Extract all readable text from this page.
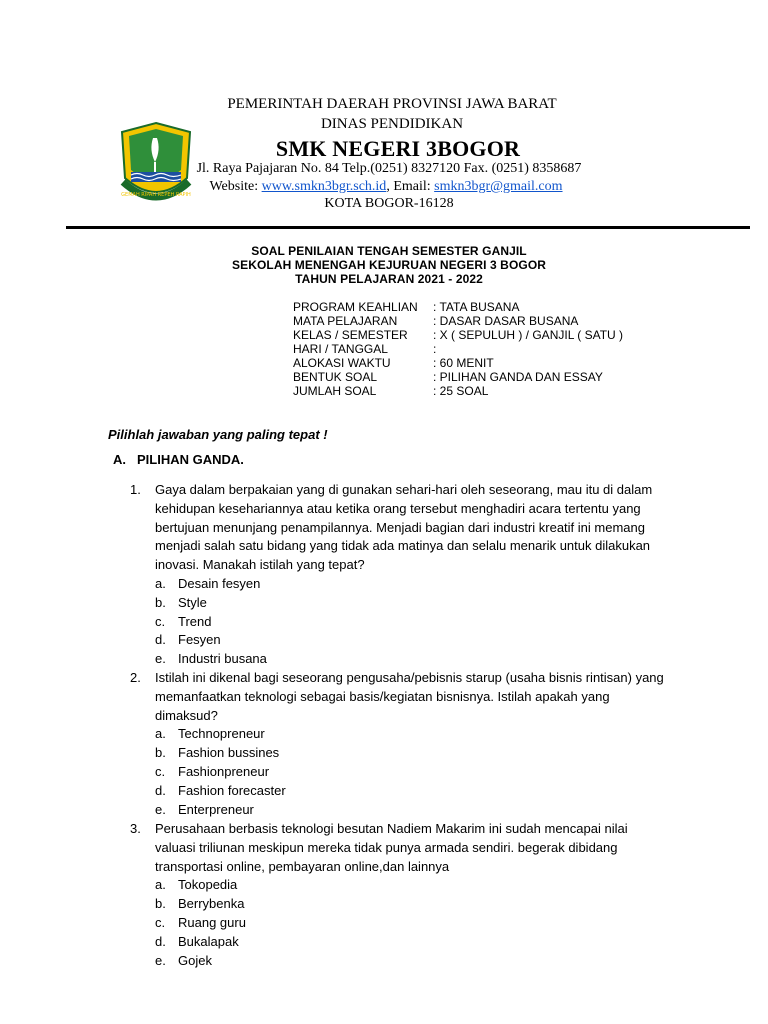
GEMAH RIPAH REPEH RAPIH
PEMERINTAH DAERAH PROVINSI JAWA BARAT
DINAS PENDIDIKAN
SMK NEGERI 3BOGOR
Jl. Raya Pajajaran No. 84 Telp.(0251) 8327120 Fax. (0251) 8358687
Website: www.smkn3bgr.sch.id, Email: smkn3bgr@gmail.com
KOTA BOGOR-16128
SOAL PENILAIAN TENGAH SEMESTER GANJIL
SEKOLAH MENENGAH KEJURUAN NEGERI 3 BOGOR
TAHUN PELAJARAN 2021 - 2022
PROGRAM KEAHLIAN : TATA BUSANA
MATA PELAJARAN	: DASAR DASAR BUSANA
KELAS / SEMESTER : X ( SEPULUH ) / GANJIL ( SATU )
HARI / TANGGAL	:
ALOKASI WAKTU	: 60 MENIT
BENTUK SOAL	: PILIHAN GANDA DAN ESSAY
JUMLAH SOAL	: 25 SOAL
Pilihlah jawaban yang paling tepat !
A. PILIHAN GANDA.
1. Gaya dalam berpakaian yang di gunakan sehari-hari oleh seseorang, mau itu di dalam
kehidupan kesehariannya atau ketika orang tersebut menghadiri acara tertentu yang
bertujuan menunjang penampilannya. Menjadi bagian dari industri kreatif ini memang
menjadi salah satu bidang yang tidak ada matinya dan selalu menarik untuk dilakukan
inovasi. Manakah istilah yang tepat?
a. Desain fesyen
b. Style
c. Trend
d. Fesyen
e. Industri busana
2. Istilah ini dikenal bagi seseorang pengusaha/pebisnis starup (usaha bisnis rintisan) yang
memanfaatkan teknologi sebagai basis/kegiatan bisnisnya. Istilah apakah yang
dimaksud?
a. Technopreneur
b. Fashion bussines
c. Fashionpreneur
d. Fashion forecaster
e. Enterpreneur
3. Perusahaan berbasis teknologi besutan Nadiem Makarim ini sudah mencapai nilai
valuasi triliunan meskipun mereka tidak punya armada sendiri. begerak dibidang
transportasi online, pembayaran online,dan lainnya
a. Tokopedia
b. Berrybenka
c. Ruang guru
d. Bukalapak
e. Gojek
